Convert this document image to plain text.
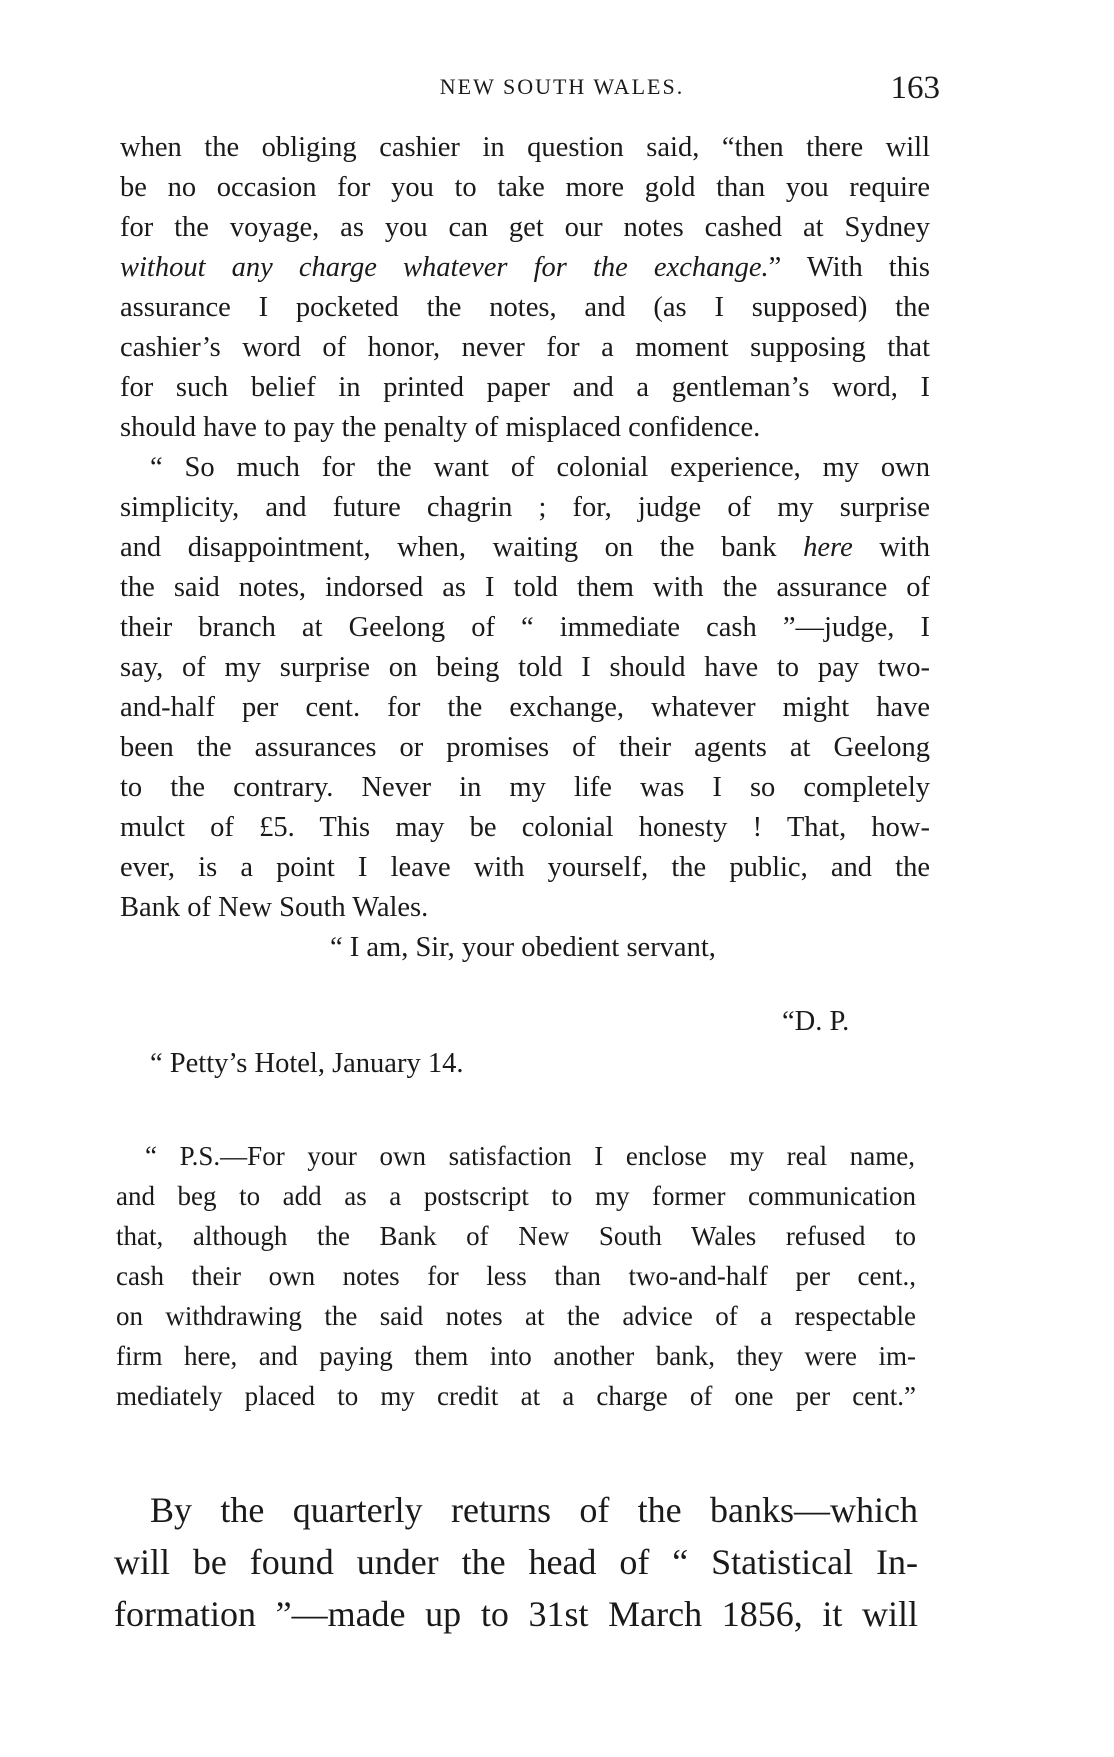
NEW SOUTH WALES.	163
when the obliging cashier in question said, “then there will
be no occasion for you to take more gold than you require
for the voyage, as you can get our notes cashed at Sydney
without any charge whatever for the exchange.” With this
assurance I pocketed the notes, and (as I supposed) the
cashier’s word of honor, never for a moment supposing that
for such belief in printed paper and a gentleman’s word, I
should have to pay the penalty of misplaced confidence.
“ So much for the want of colonial experience, my own
simplicity, and future chagrin ; for, judge of my surprise
and disappointment, when, waiting on the bank here with
the said notes, indorsed as I told them with the assurance of
their branch at Geelong of “ immediate cash ”—judge, I
say, of my surprise on being told I should have to pay two-
and-half per cent. for the exchange, whatever might have
been the assurances or promises of their agents at Geelong
to the contrary. Never in my life was I so completely
mulct of £5. This may be colonial honesty ! That, how-
ever, is a point I leave with yourself, the public, and the
Bank of New South Wales.
“ I am, Sir, your obedient servant,
“D. P.
“ Petty’s Hotel, January 14.
“ P.S.—For your own satisfaction I enclose my real name,
and beg to add as a postscript to my former communication
that, although the Bank of New South Wales refused to
cash their own notes for less than two-and-half per cent.,
on withdrawing the said notes at the advice of a respectable
firm here, and paying them into another bank, they were im-
mediately placed to my credit at a charge of one per cent.”
By the quarterly returns of the banks—which
will be found under the head of “ Statistical In-
formation ”—made up to 31st March 1856, it will
